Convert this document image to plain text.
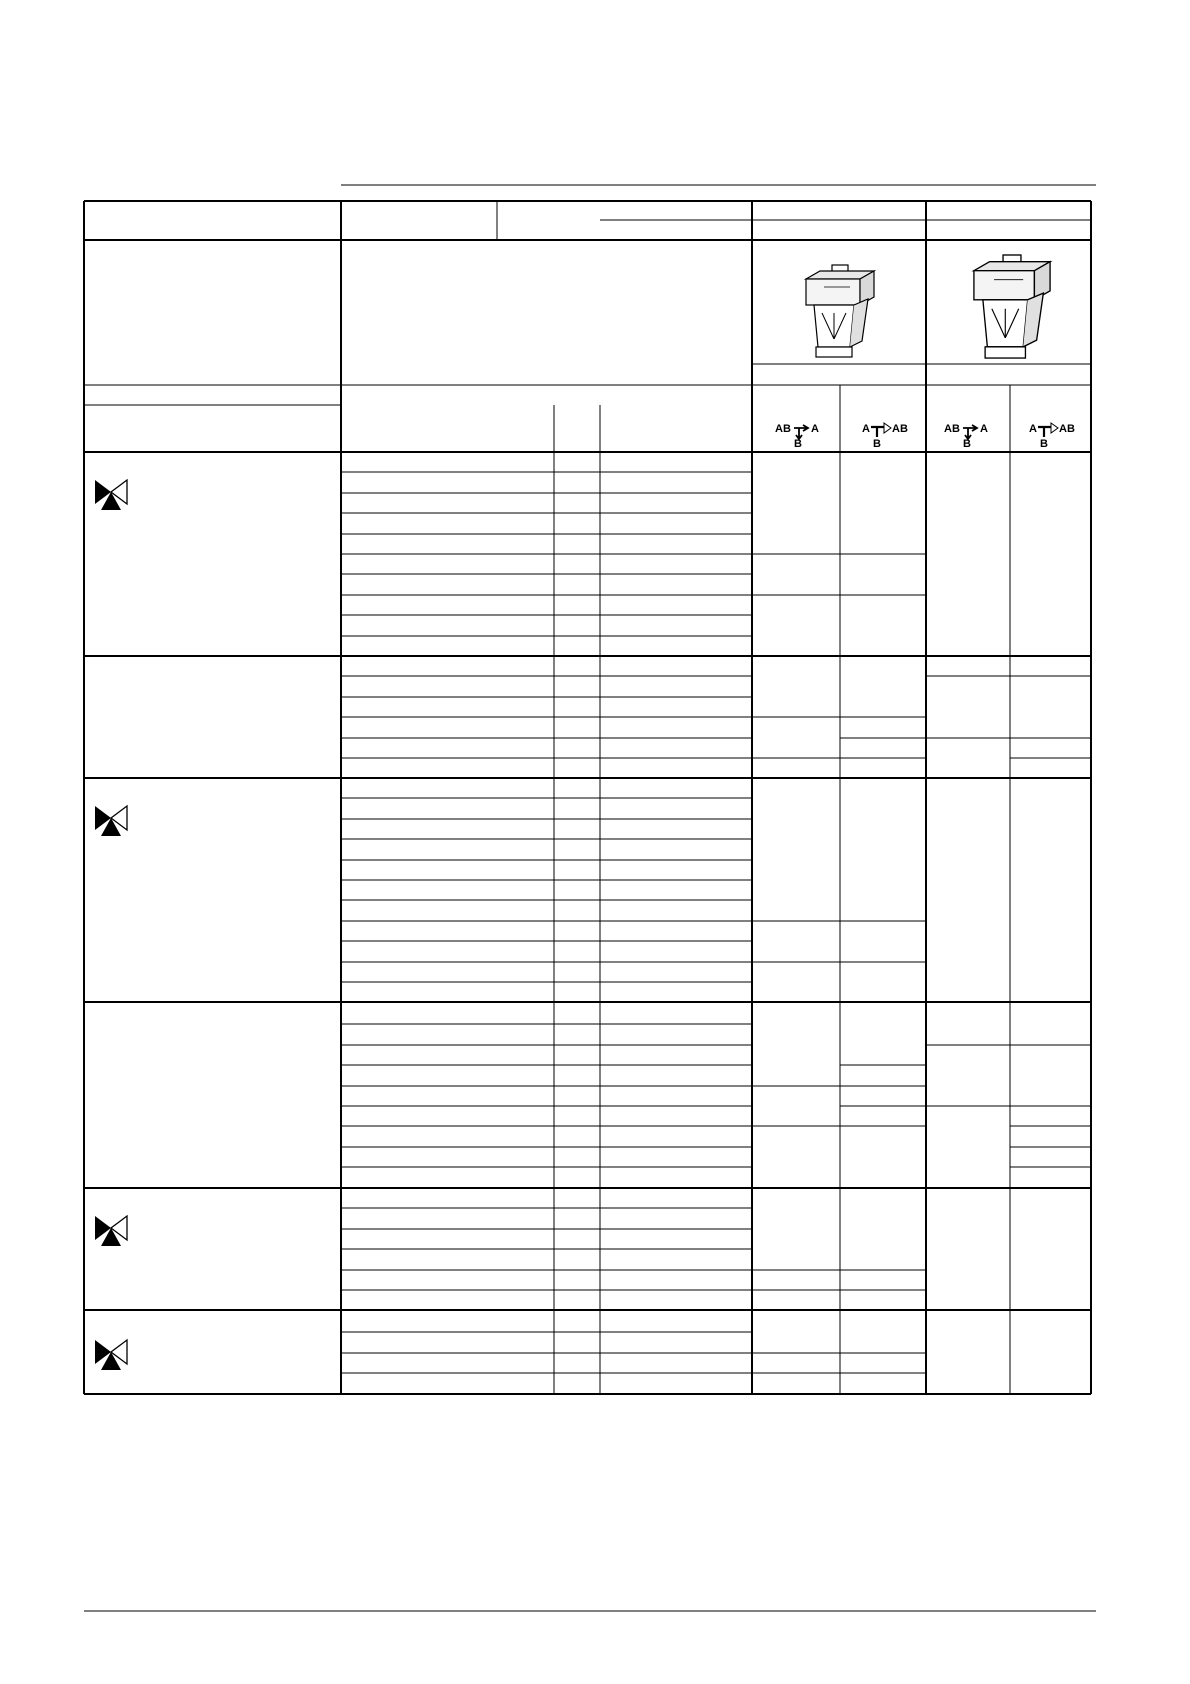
AB A
B
A AB
B
AB A
B
A AB
B
